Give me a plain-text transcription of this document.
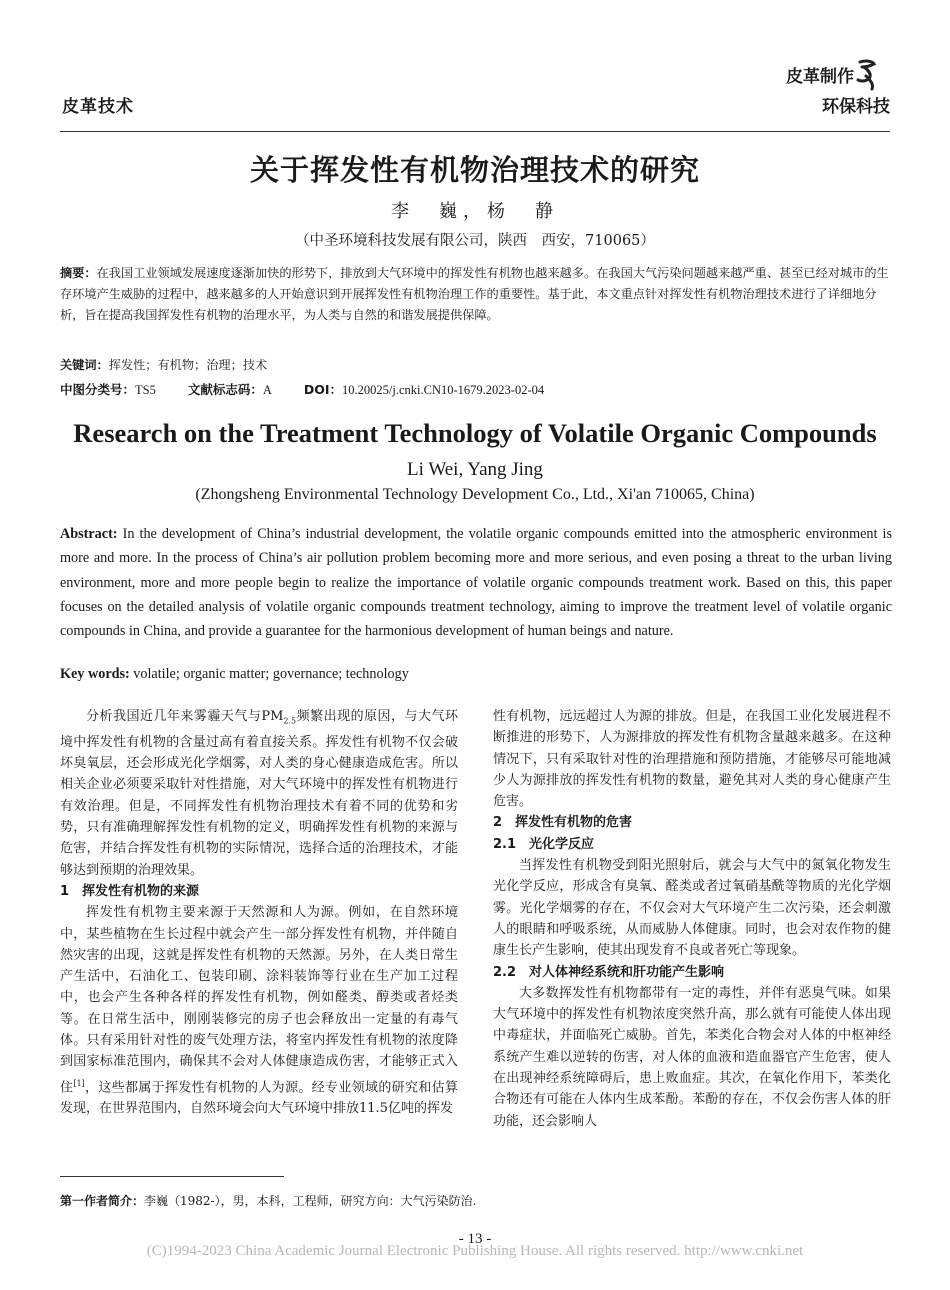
皮革技术
皮革制作
环保科技
关于挥发性有机物治理技术的研究
李　巍，杨　静
（中圣环境科技发展有限公司，陕西　西安，710065）
摘要：在我国工业领域发展速度逐渐加快的形势下，排放到大气环境中的挥发性有机物也越来越多。在我国大气污染问题越来越严重、甚至已经对城市的生存环境产生威胁的过程中，越来越多的人开始意识到开展挥发性有机物治理工作的重要性。基于此，本文重点针对挥发性有机物治理技术进行了详细地分析，旨在提高我国挥发性有机物的治理水平，为人类与自然的和谐发展提供保障。
关键词：挥发性；有机物；治理；技术
中图分类号：TS5	文献标志码：A	DOI：10.20025/j.cnki.CN10-1679.2023-02-04
Research on the Treatment Technology of Volatile Organic Compounds
Li Wei, Yang Jing
(Zhongsheng Environmental Technology Development Co., Ltd., Xi'an 710065, China)
Abstract: In the development of China’s industrial development, the volatile organic compounds emitted into the atmospheric environment is more and more. In the process of China’s air pollution problem becoming more and more serious, and even posing a threat to the urban living environment, more and more people begin to realize the importance of volatile organic compounds treatment work. Based on this, this paper focuses on the detailed analysis of volatile organic compounds treatment technology, aiming to improve the treatment level of volatile organic compounds in China, and provide a guarantee for the harmonious development of human beings and nature.
Key words: volatile; organic matter; governance; technology

分析我国近几年来雾霾天气与$PM_{2.5}$频繁出现的原因，与大气环境中挥发性有机物的含量过高有着直接关系。挥发性有机物不仅会破坏臭氧层，还会形成光化学烟雾，对人类的身心健康造成危害。所以相关企业必须要采取针对性措施，对大气环境中的挥发性有机物进行有效治理。但是，不同挥发性有机物治理技术有着不同的优势和劣势，只有准确理解挥发性有机物的定义，明确挥发性有机物的来源与危害，并结合挥发性有机物的实际情况，选择合适的治理技术，才能够达到预期的治理效果。

1　挥发性有机物的来源

挥发性有机物主要来源于天然源和人为源。例如，在自然环境中，某些植物在生长过程中就会产生一部分挥发性有机物，并伴随自然灾害的出现，这就是挥发性有机物的天然源。另外，在人类日常生产生活中，石油化工、包装印刷、涂料装饰等行业在生产加工过程中，也会产生各种各样的挥发性有机物，例如醛类、醇类或者烃类等。在日常生活中，刚刚装修完的房子也会释放出一定量的有毒气体。只有采用针对性的废气处理方法，将室内挥发性有机物的浓度降到国家标准范围内，确保其不会对人体健康造成伤害，才能够正式入住[1]，这些都属于挥发性有机物的人为源。经专业领域的研究和估算发现，在世界范围内，自然环境会向大气环境中排放11.5亿吨的挥发

性有机物，远远超过人为源的排放。但是，在我国工业化发展进程不断推进的形势下，人为源排放的挥发性有机物含量越来越多。在这种情况下，只有采取针对性的治理措施和预防措施，才能够尽可能地减少人为源排放的挥发性有机物的数量，避免其对人类的身心健康产生危害。

2　挥发性有机物的危害
2.1　光化学反应

当挥发性有机物受到阳光照射后，就会与大气中的氮氧化物发生光化学反应，形成含有臭氧、醛类或者过氧硝基酰等物质的光化学烟雾。光化学烟雾的存在，不仅会对大气环境产生二次污染，还会刺激人的眼睛和呼吸系统，从而威胁人体健康。同时，也会对农作物的健康生长产生影响，使其出现发育不良或者死亡等现象。

2.2　对人体神经系统和肝功能产生影响

大多数挥发性有机物都带有一定的毒性，并伴有恶臭气味。如果大气环境中的挥发性有机物浓度突然升高，那么就有可能使人体出现中毒症状，并面临死亡威胁。首先，苯类化合物会对人体的中枢神经系统产生难以逆转的伤害，对人体的血液和造血器官产生危害，使人在出现神经系统障碍后，患上败血症。其次，在氧化作用下，苯类化合物还有可能在人体内生成苯酚。苯酚的存在，不仅会伤害人体的肝功能，还会影响人

第一作者简介：李巍（1982-），男，本科，工程师，研究方向：大气污染防治.
- 13 -
(C)1994-2023 China Academic Journal Electronic Publishing House. All rights reserved. http://www.cnki.net
